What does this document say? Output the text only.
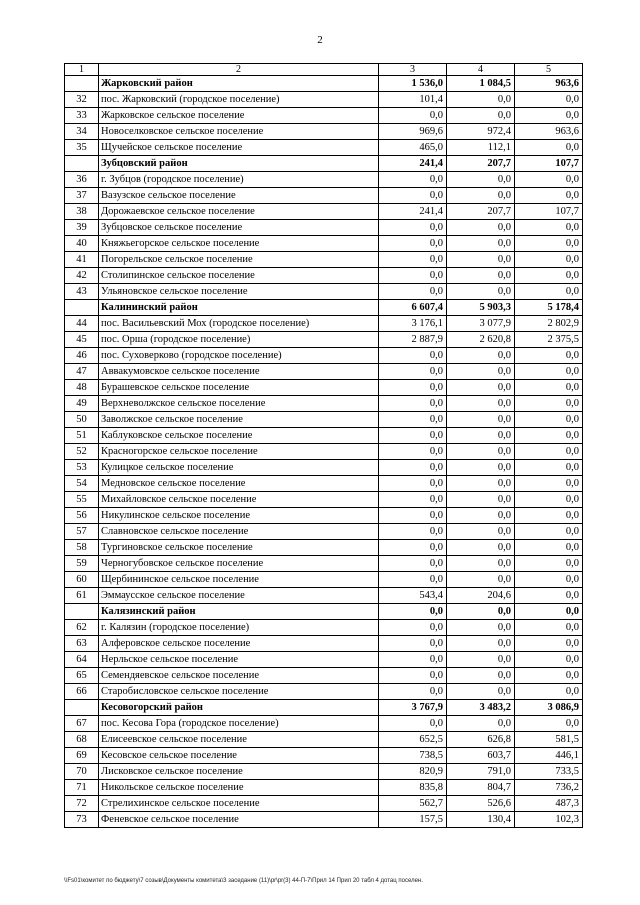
2
1	2	3	4	5
	Жарковский район	1 536,0	1 084,5	963,6
32	пос. Жарковский (городское поселение)	101,4	0,0	0,0
33	Жарковское сельское поселение	0,0	0,0	0,0
34	Новоселковское сельское поселение	969,6	972,4	963,6
35	Щучейское сельское поселение	465,0	112,1	0,0
	Зубцовский район	241,4	207,7	107,7
36	г. Зубцов (городское поселение)	0,0	0,0	0,0
37	Вазузское сельское поселение	0,0	0,0	0,0
38	Дорожаевское сельское поселение	241,4	207,7	107,7
39	Зубцовское сельское поселение	0,0	0,0	0,0
40	Княжьегорское сельское поселение	0,0	0,0	0,0
41	Погорельское сельское поселение	0,0	0,0	0,0
42	Столипинское сельское поселение	0,0	0,0	0,0
43	Ульяновское сельское поселение	0,0	0,0	0,0
	Калининский район	6 607,4	5 903,3	5 178,4
44	пос. Васильевский Мох (городское поселение)	3 176,1	3 077,9	2 802,9
45	пос. Орша (городское поселение)	2 887,9	2 620,8	2 375,5
46	пос. Суховерково (городское поселение)	0,0	0,0	0,0
47	Аввакумовское сельское поселение	0,0	0,0	0,0
48	Бурашевское сельское поселение	0,0	0,0	0,0
49	Верхневолжское сельское поселение	0,0	0,0	0,0
50	Заволжское сельское поселение	0,0	0,0	0,0
51	Каблуковское сельское поселение	0,0	0,0	0,0
52	Красногорское сельское поселение	0,0	0,0	0,0
53	Кулицкое сельское поселение	0,0	0,0	0,0
54	Медновское сельское поселение	0,0	0,0	0,0
55	Михайловское сельское поселение	0,0	0,0	0,0
56	Никулинское сельское поселение	0,0	0,0	0,0
57	Славновское сельское поселение	0,0	0,0	0,0
58	Тургиновское сельское поселение	0,0	0,0	0,0
59	Черногубовское сельское поселение	0,0	0,0	0,0
60	Щербининское сельское поселение	0,0	0,0	0,0
61	Эммаусское сельское поселение	543,4	204,6	0,0
	Калязинский район	0,0	0,0	0,0
62	г. Калязин (городское поселение)	0,0	0,0	0,0
63	Алферовское сельское поселение	0,0	0,0	0,0
64	Нерльское сельское поселение	0,0	0,0	0,0
65	Семендяевское сельское поселение	0,0	0,0	0,0
66	Старобисловское сельское поселение	0,0	0,0	0,0
	Кесовогорский район	3 767,9	3 483,2	3 086,9
67	пос. Кесова Гора (городское поселение)	0,0	0,0	0,0
68	Елисеевское сельское поселение	652,5	626,8	581,5
69	Кесовское сельское поселение	738,5	603,7	446,1
70	Лисковское сельское поселение	820,9	791,0	733,5
71	Никольское сельское поселение	835,8	804,7	736,2
72	Стрелихинское сельское поселение	562,7	526,6	487,3
73	Феневское сельское поселение	157,5	130,4	102,3
\\Fs01\комитет по бюджету\7 созыв\Документы комитета\3 заседание (11)\pr\pr(3) 44-П-7\Прил 14 Прил 20 табл 4 дотац поселен.
